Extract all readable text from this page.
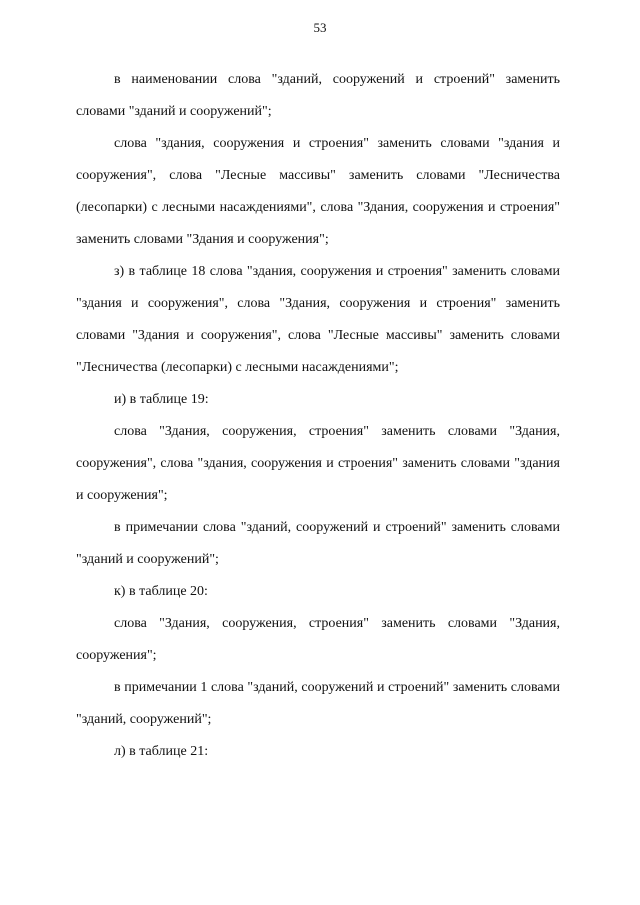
53

в наименовании слова "зданий, сооружений и строений" заменить словами "зданий и сооружений";

слова "здания, сооружения и строения" заменить словами "здания и сооружения", слова "Лесные массивы" заменить словами "Лесничества (лесопарки) с лесными насаждениями", слова "Здания, сооружения и строения" заменить словами "Здания и сооружения";

з) в таблице 18 слова "здания, сооружения и строения" заменить словами "здания и сооружения", слова "Здания, сооружения и строения" заменить словами "Здания и сооружения", слова "Лесные массивы" заменить словами "Лесничества (лесопарки) с лесными насаждениями";

и) в таблице 19:

слова "Здания, сооружения, строения" заменить словами "Здания, сооружения", слова "здания, сооружения и строения" заменить словами "здания и сооружения";

в примечании слова "зданий, сооружений и строений" заменить словами "зданий и сооружений";

к) в таблице 20:

слова "Здания, сооружения, строения" заменить словами "Здания, сооружения";

в примечании 1 слова "зданий, сооружений и строений" заменить словами "зданий, сооружений";

л) в таблице 21:
